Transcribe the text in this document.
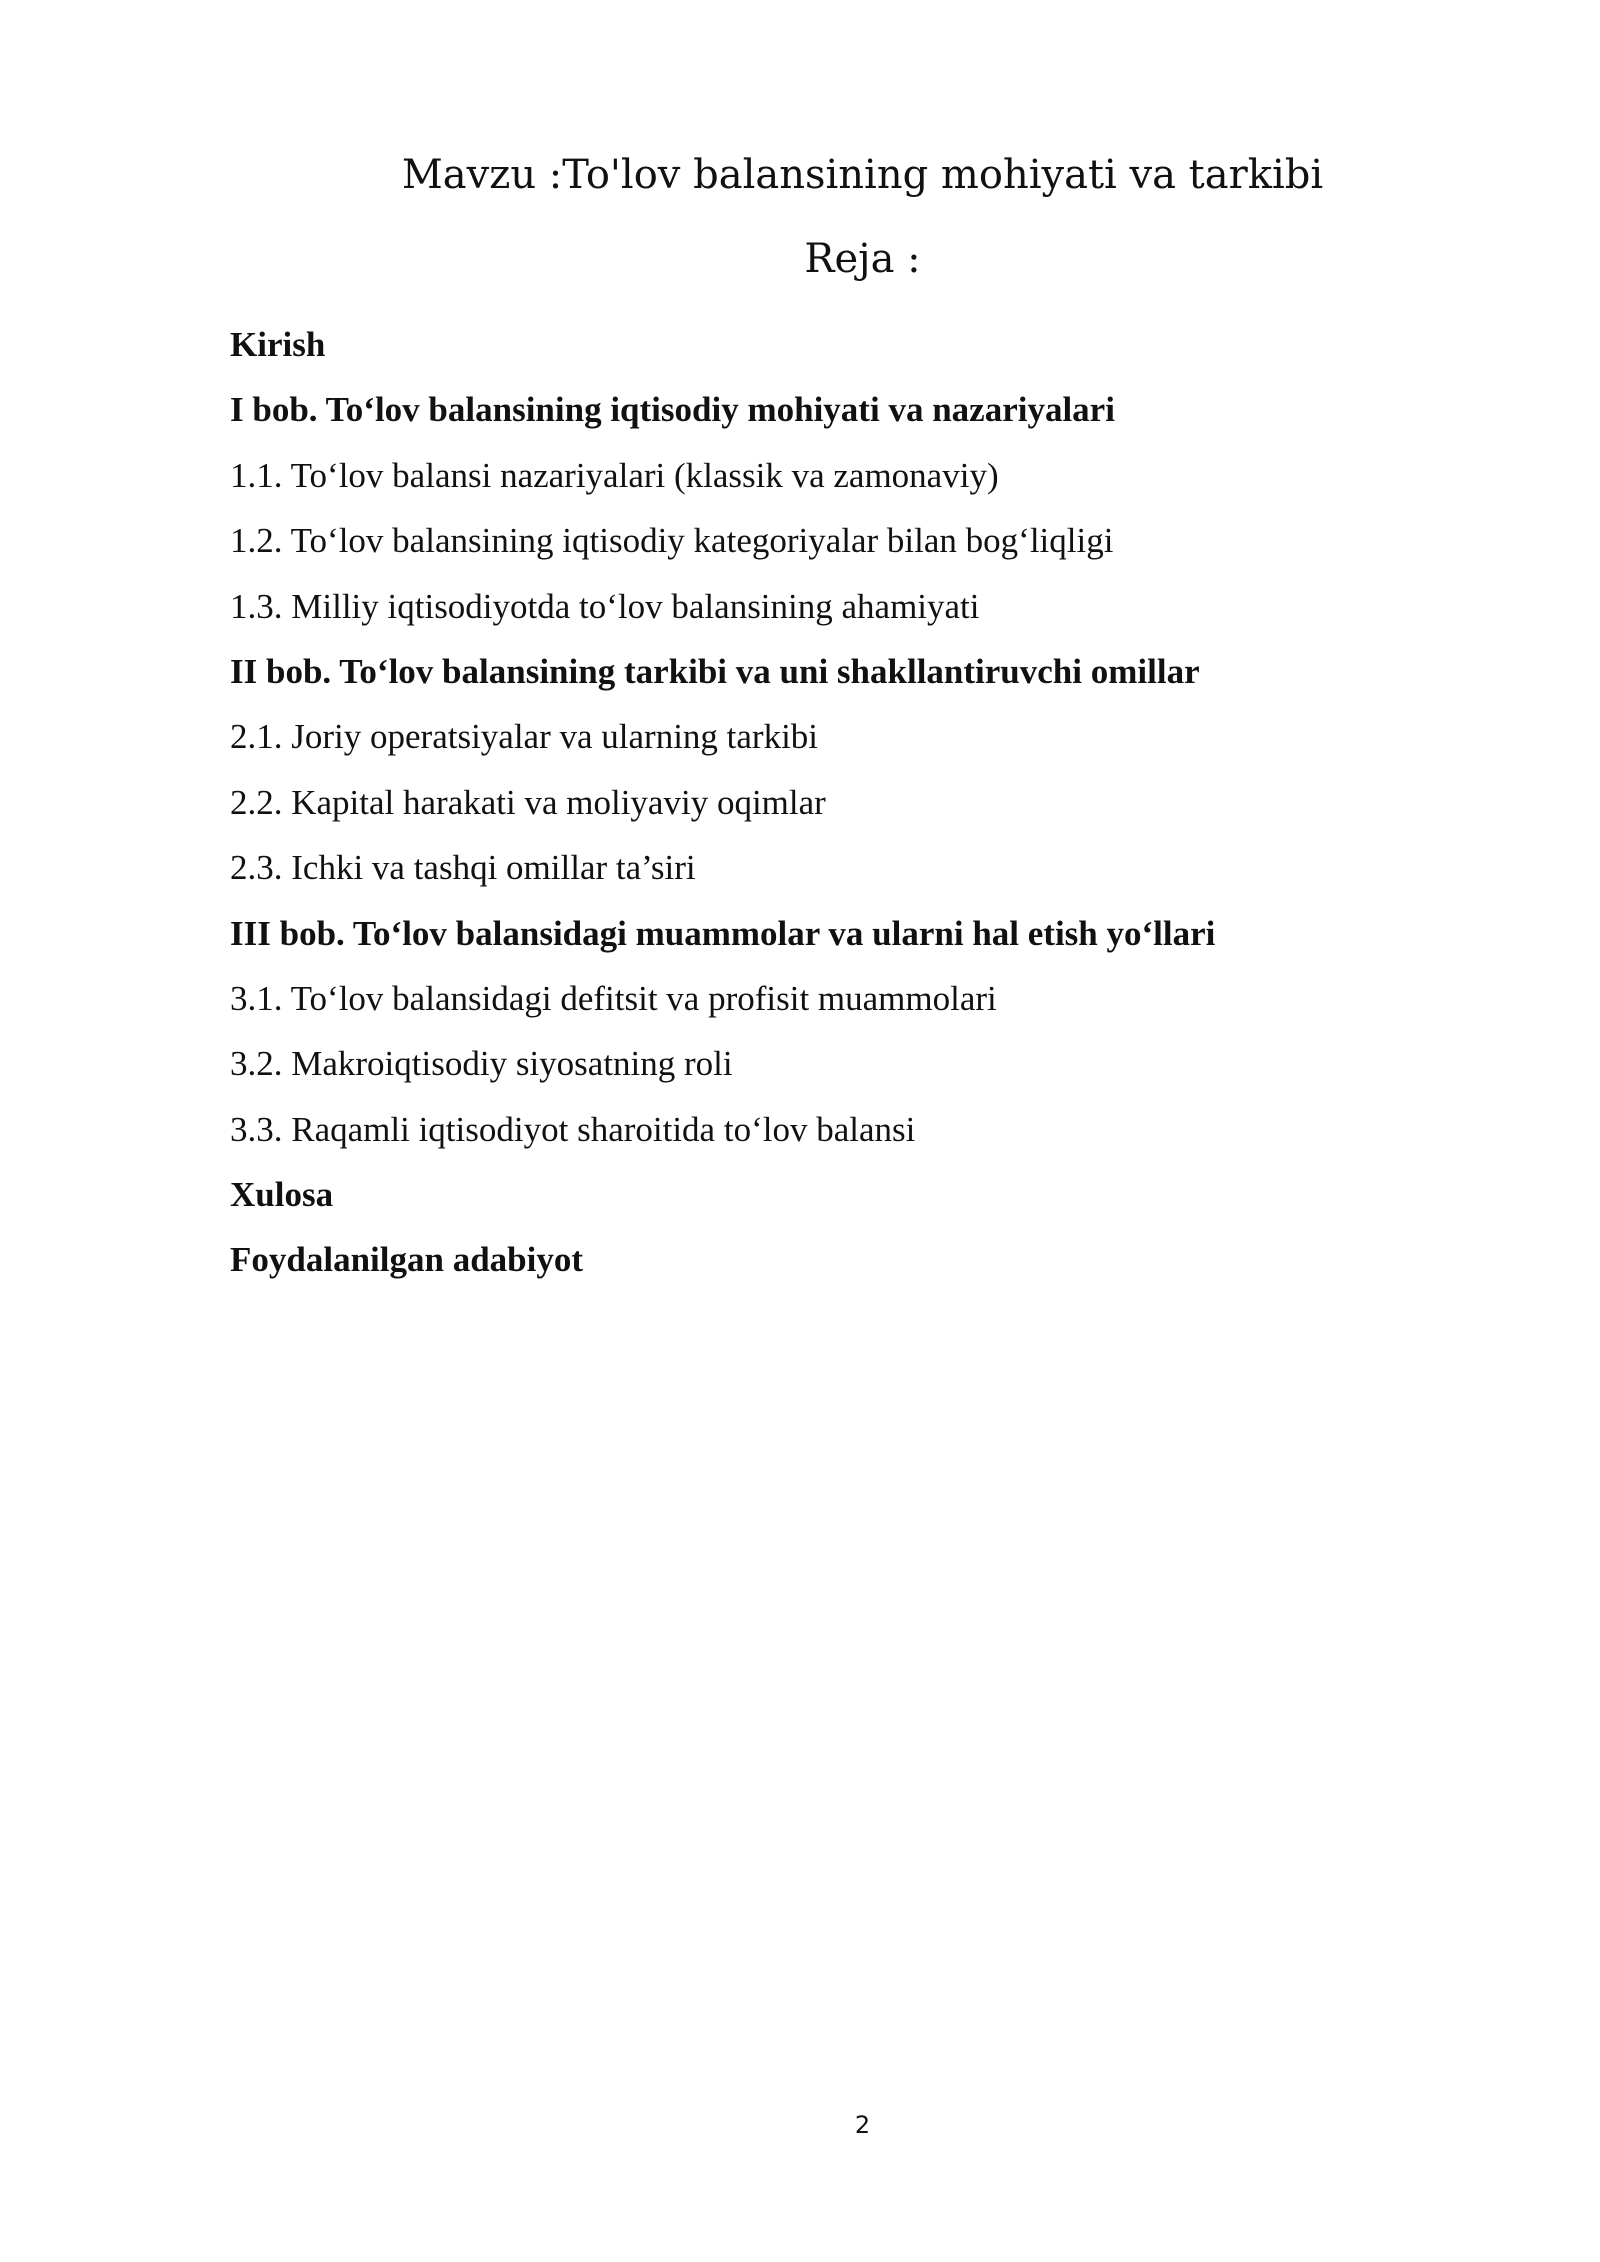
Mavzu :To'lov balansining mohiyati va tarkibi
Reja :
Kirish
I bob. To‘lov balansining iqtisodiy mohiyati va nazariyalari
1.1. To‘lov balansi nazariyalari (klassik va zamonaviy)
1.2. To‘lov balansining iqtisodiy kategoriyalar bilan bog‘liqligi
1.3. Milliy iqtisodiyotda to‘lov balansining ahamiyati
II bob. To‘lov balansining tarkibi va uni shakllantiruvchi omillar
2.1. Joriy operatsiyalar va ularning tarkibi
2.2. Kapital harakati va moliyaviy oqimlar
2.3. Ichki va tashqi omillar ta’siri
III bob. To‘lov balansidagi muammolar va ularni hal etish yo‘llari
3.1. To‘lov balansidagi defitsit va profisit muammolari
3.2. Makroiqtisodiy siyosatning roli
3.3. Raqamli iqtisodiyot sharoitida to‘lov balansi
Xulosa
Foydalanilgan adabiyot
2
